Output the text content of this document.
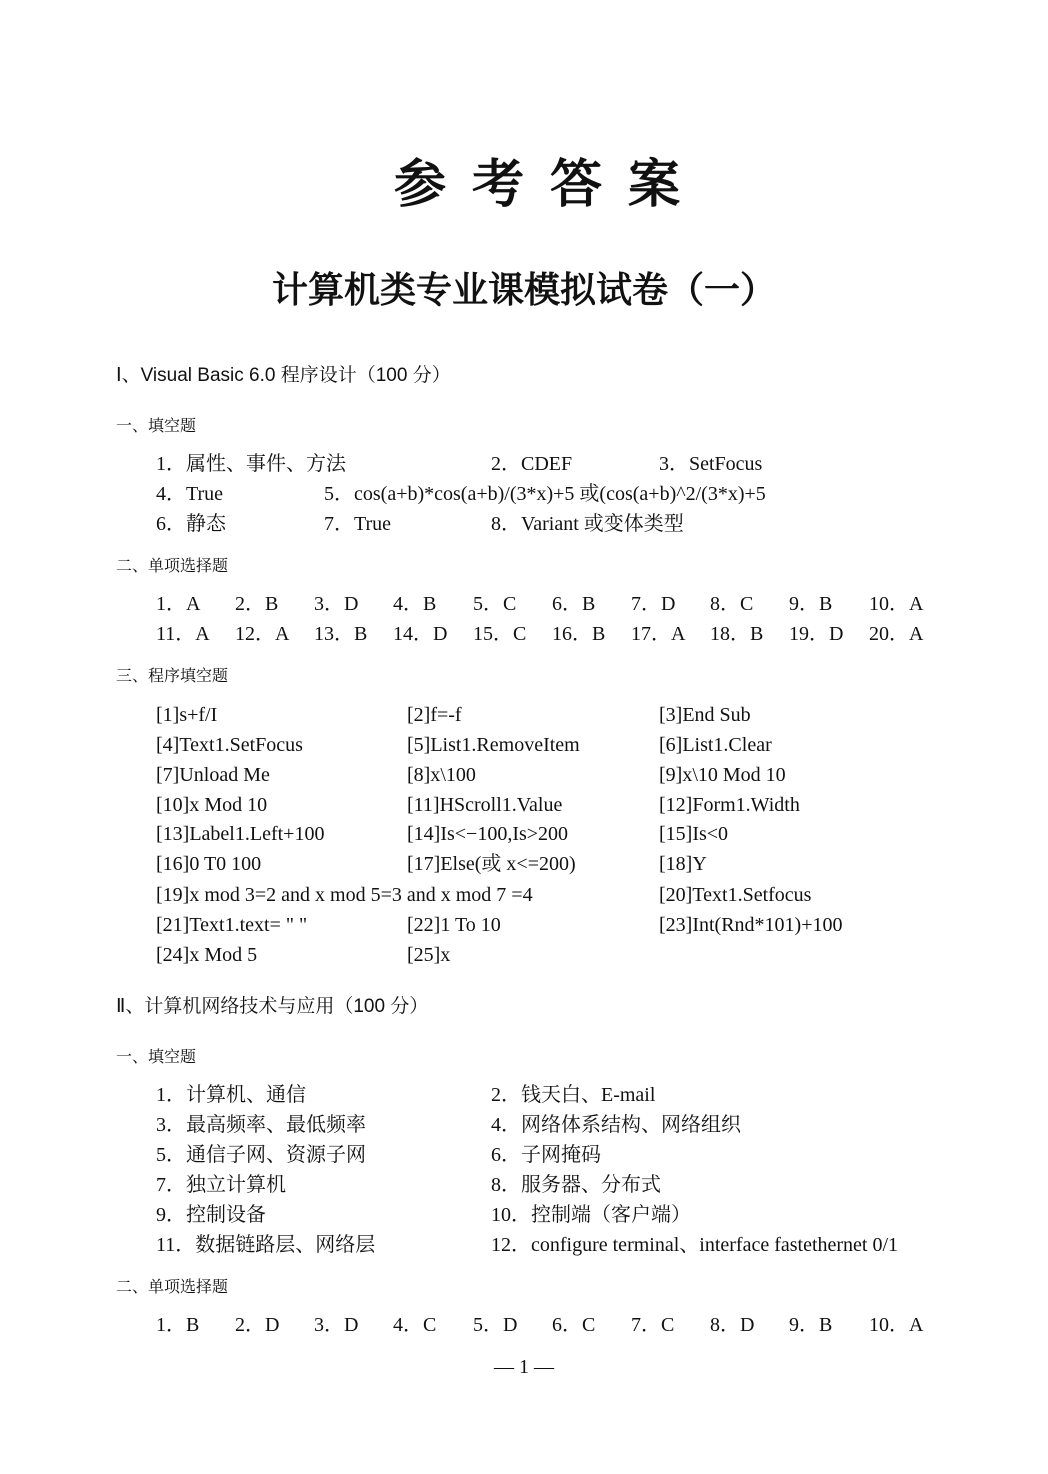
参考答案
计算机类专业课模拟试卷（一）
Ⅰ、Visual Basic 6.0 程序设计（100 分）
一、填空题
1．属性、事件、方法	2．CDEF	3．SetFocus
4．True	5．cos(a+b)*cos(a+b)/(3*x)+5 或(cos(a+b)^2/(3*x)+5
6．静态	7．True	8．Variant 或变体类型
二、单项选择题
1．A 2．B 3．D 4．B 5．C 6．B 7．D 8．C 9．B 10．A
11．A 12．A 13．B 14．D 15．C 16．B 17．A 18．B 19．D 20．A
三、程序填空题
[1]s+f/I	[2]f=-f	[3]End Sub
[4]Text1.SetFocus	[5]List1.RemoveItem	[6]List1.Clear
[7]Unload Me	[8]x\100	[9]x\10 Mod 10
[10]x Mod 10	[11]HScroll1.Value	[12]Form1.Width
[13]Label1.Left+100	[14]Is<−100,Is>200	[15]Is<0
[16]0 T0 100	[17]Else(或 x<=200)	[18]Y
[19]x mod 3=2 and x mod 5=3 and x mod 7 =4	[20]Text1.Setfocus
[21]Text1.text= " "	[22]1 To 10	[23]Int(Rnd*101)+100
[24]x Mod 5	[25]x
Ⅱ、计算机网络技术与应用（100 分）
一、填空题
1．计算机、通信	2．钱天白、E-mail
3．最高频率、最低频率	4．网络体系结构、网络组织
5．通信子网、资源子网	6．子网掩码
7．独立计算机	8．服务器、分布式
9．控制设备	10．控制端（客户端）
11．数据链路层、网络层	12．configure terminal、interface fastethernet 0/1
二、单项选择题
1．B 2．D 3．D 4．C 5．D 6．C 7．C 8．D 9．B 10．A
— 1 —
